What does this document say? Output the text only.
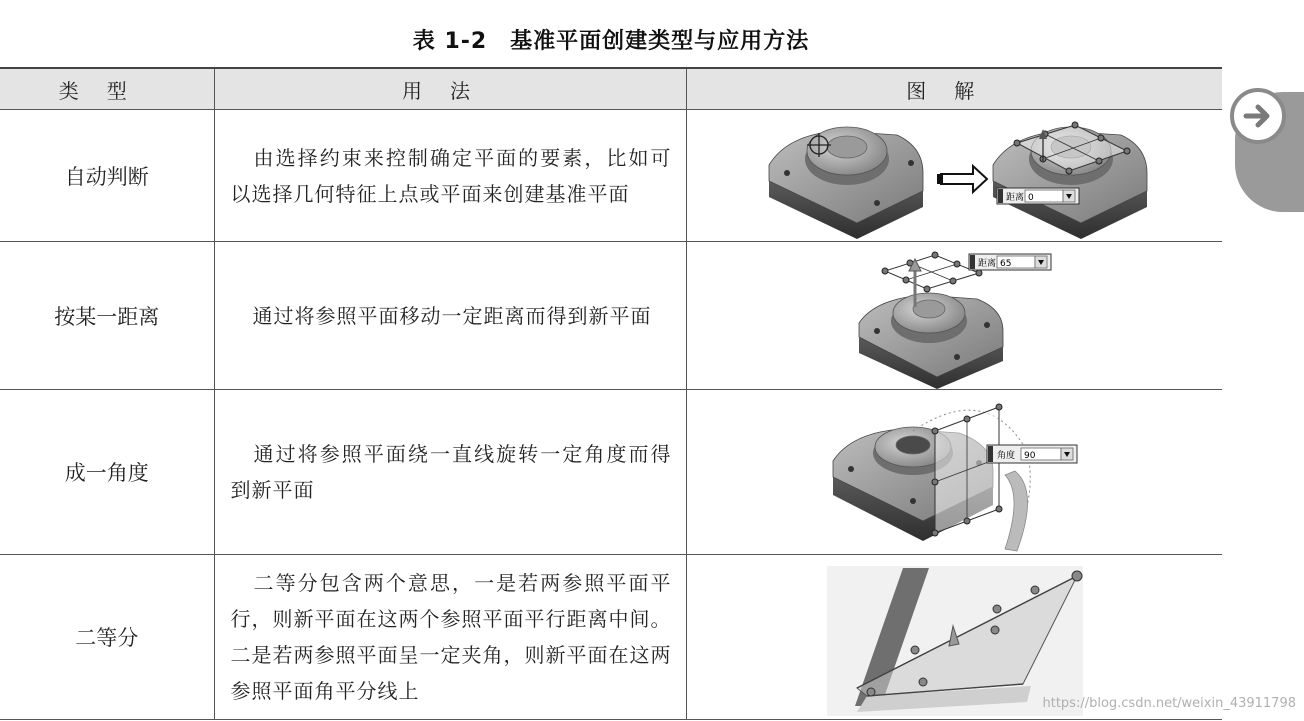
表 1-2　基准平面创建类型与应用方法
类型	用法	图解
自动判断	由选择约束来控制确定平面的要素，比如可以选择几何特征上点或平面来创建基准平面	距离 0

按某一距离	通过将参照平面移动一定距离而得到新平面	距离 65

成一角度	通过将参照平面绕一直线旋转一定角度而得到新平面	角度 90

二等分	二等分包含两个意思，一是若两参照平面平行，则新平面在这两个参照平面平行距离中间。二是若两参照平面呈一定夹角，则新平面在这两参照平面角平分线上	
https://blog.csdn.net/weixin_43911798
